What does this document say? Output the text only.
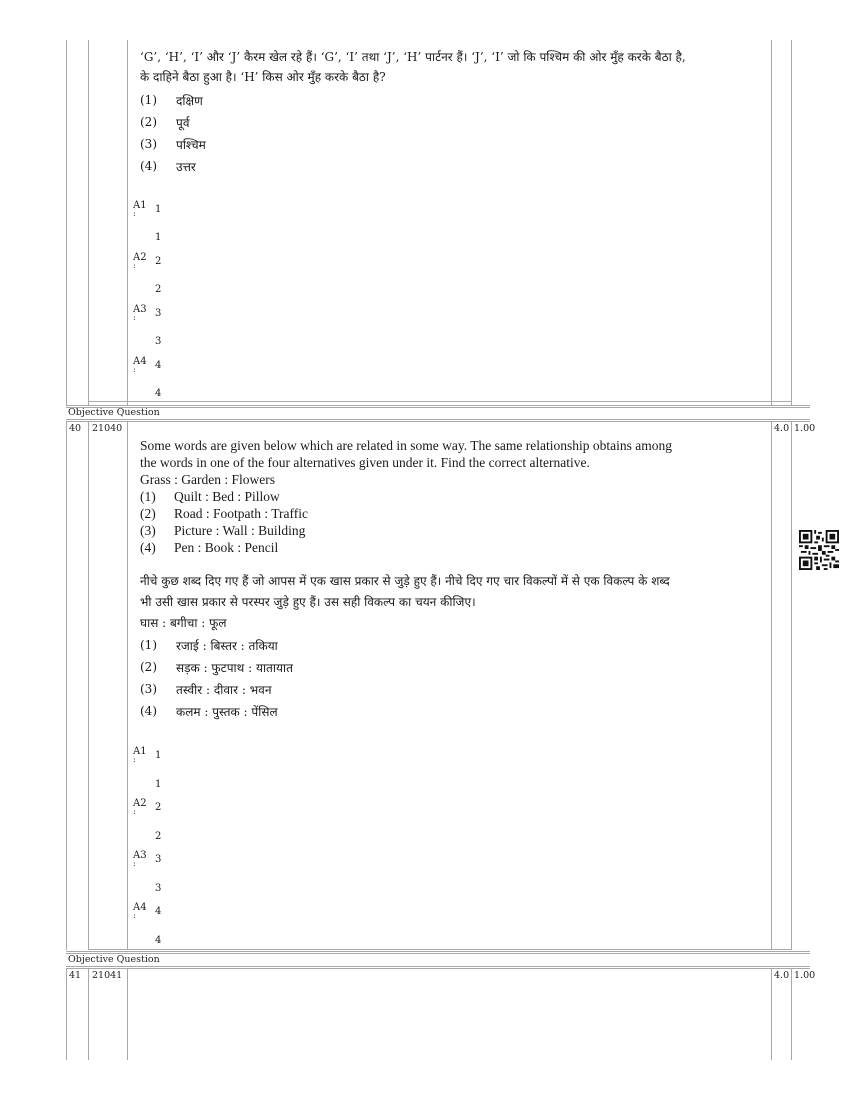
‘G’, ‘H’, ‘I’ और ‘J’ कैरम खेल रहे हैं। ‘G’, ‘I’ तथा ‘J’, ‘H’ पार्टनर हैं। ‘J’, ‘I’ जो कि पश्चिम की ओर मुँह करके बैठा है,

के दाहिने बैठा हुआ है। ‘H’ किस ओर मुँह करके बैठा है?

(1)	दक्षिण
(2)	पूर्व
(3)	पश्चिम
(4)	उत्तर
A1
: 1
1
A2
: 2
2
A3
: 3
3
A4
: 4
4
Objective Question
40 21040	4.0 1.00

Some words are given below which are related in some way. The same relationship obtains among

the words in one of the four alternatives given under it. Find the correct alternative.

Grass : Garden : Flowers

(1)	Quilt : Bed : Pillow
(2)	Road : Footpath : Traffic
(3)	Picture : Wall : Building
(4)	Pen : Book : Pencil

नीचे कुछ शब्द दिए गए हैं जो आपस में एक खास प्रकार से जुड़े हुए हैं। नीचे दिए गए चार विकल्पों में से एक विकल्प के शब्द

भी उसी खास प्रकार से परस्पर जुड़े हुए हैं। उस सही विकल्प का चयन कीजिए।

घास : बगीचा : फूल

(1)	रजाई : बिस्तर : तकिया
(2)	सड़क : फुटपाथ : यातायात
(3)	तस्वीर : दीवार : भवन
(4)	कलम : पुस्तक : पेंसिल
A1
: 1
1
A2
: 2
2
A3
: 3
3
A4
: 4
4
Objective Question
41 21041	4.0 1.00
